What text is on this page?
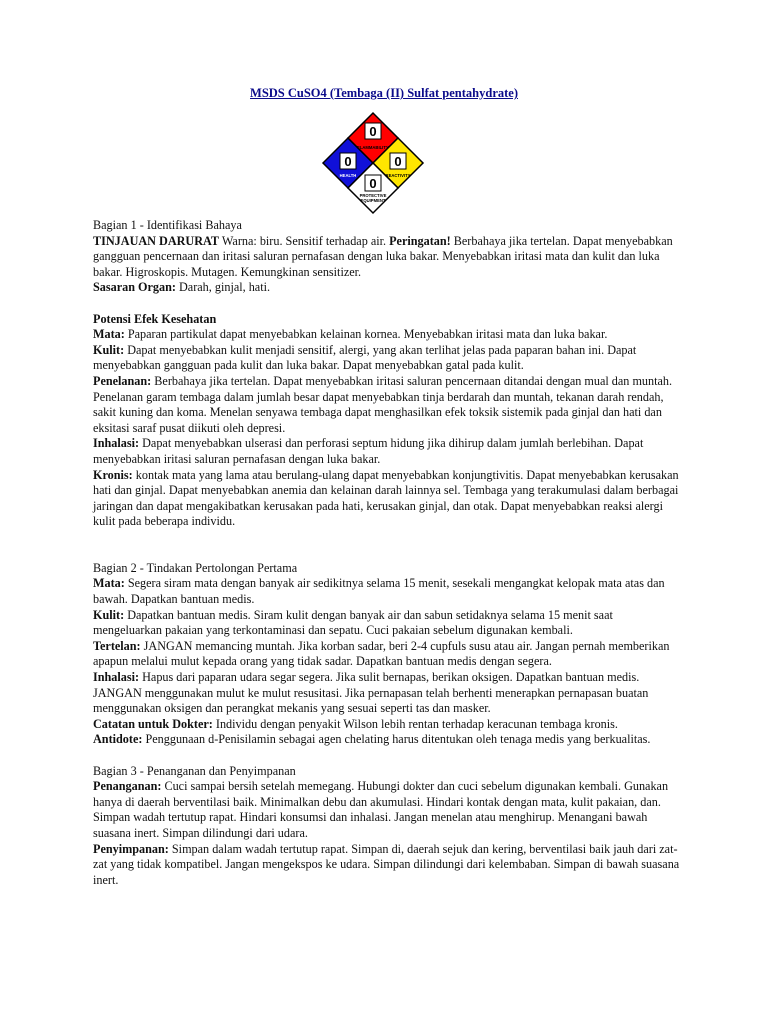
MSDS CuSO4 (Tembaga (II) Sulfat pentahydrate)
0
FLAMMABILITY
0
HEALTH
0
REACTIVITY
0
PROTECTIVE
EQUIPMENT

Bagian 1 - Identifikasi Bahaya

TINJAUAN DARURAT Warna: biru. Sensitif terhadap air. Peringatan! Berbahaya jika tertelan. Dapat menyebabkan gangguan pencernaan dan iritasi saluran pernafasan dengan luka bakar. Menyebabkan iritasi mata dan kulit dan luka bakar. Higroskopis. Mutagen. Kemungkinan sensitizer.

Sasaran Organ: Darah, ginjal, hati.

Potensi Efek Kesehatan

Mata: Paparan partikulat dapat menyebabkan kelainan kornea. Menyebabkan iritasi mata dan luka bakar.

Kulit: Dapat menyebabkan kulit menjadi sensitif, alergi, yang akan terlihat jelas pada paparan bahan ini. Dapat menyebabkan gangguan pada kulit dan luka bakar. Dapat menyebabkan gatal pada kulit.

Penelanan: Berbahaya jika tertelan. Dapat menyebabkan iritasi saluran pencernaan ditandai dengan mual dan muntah. Penelanan garam tembaga dalam jumlah besar dapat menyebabkan tinja berdarah dan muntah, tekanan darah rendah, sakit kuning dan koma. Menelan senyawa tembaga dapat menghasilkan efek toksik sistemik pada ginjal dan hati dan eksitasi saraf pusat diikuti oleh depresi.

Inhalasi: Dapat menyebabkan ulserasi dan perforasi septum hidung jika dihirup dalam jumlah berlebihan. Dapat menyebabkan iritasi saluran pernafasan dengan luka bakar.

Kronis: kontak mata yang lama atau berulang-ulang dapat menyebabkan konjungtivitis. Dapat menyebabkan kerusakan hati dan ginjal. Dapat menyebabkan anemia dan kelainan darah lainnya sel. Tembaga yang terakumulasi dalam berbagai jaringan dan dapat mengakibatkan kerusakan pada hati, kerusakan ginjal, dan otak. Dapat menyebabkan reaksi alergi kulit pada beberapa individu.

Bagian 2 - Tindakan Pertolongan Pertama

Mata: Segera siram mata dengan banyak air sedikitnya selama 15 menit, sesekali mengangkat kelopak mata atas dan bawah. Dapatkan bantuan medis.

Kulit: Dapatkan bantuan medis. Siram kulit dengan banyak air dan sabun setidaknya selama 15 menit saat mengeluarkan pakaian yang terkontaminasi dan sepatu. Cuci pakaian sebelum digunakan kembali.

Tertelan: JANGAN memancing muntah. Jika korban sadar, beri 2-4 cupfuls susu atau air. Jangan pernah memberikan apapun melalui mulut kepada orang yang tidak sadar. Dapatkan bantuan medis dengan segera.

Inhalasi: Hapus dari paparan udara segar segera. Jika sulit bernapas, berikan oksigen. Dapatkan bantuan medis. JANGAN menggunakan mulut ke mulut resusitasi. Jika pernapasan telah berhenti menerapkan pernapasan buatan menggunakan oksigen dan perangkat mekanis yang sesuai seperti tas dan masker.

Catatan untuk Dokter: Individu dengan penyakit Wilson lebih rentan terhadap keracunan tembaga kronis.

Antidote: Penggunaan d-Penisilamin sebagai agen chelating harus ditentukan oleh tenaga medis yang berkualitas.

Bagian 3 - Penanganan dan Penyimpanan

Penanganan: Cuci sampai bersih setelah memegang. Hubungi dokter dan cuci sebelum digunakan kembali. Gunakan hanya di daerah berventilasi baik. Minimalkan debu dan akumulasi. Hindari kontak dengan mata, kulit pakaian, dan. Simpan wadah tertutup rapat. Hindari konsumsi dan inhalasi. Jangan menelan atau menghirup. Menangani bawah suasana inert. Simpan dilindungi dari udara.

Penyimpanan: Simpan dalam wadah tertutup rapat. Simpan di, daerah sejuk dan kering, berventilasi baik jauh dari zat-zat yang tidak kompatibel. Jangan mengekspos ke udara. Simpan dilindungi dari kelembaban. Simpan di bawah suasana inert.
